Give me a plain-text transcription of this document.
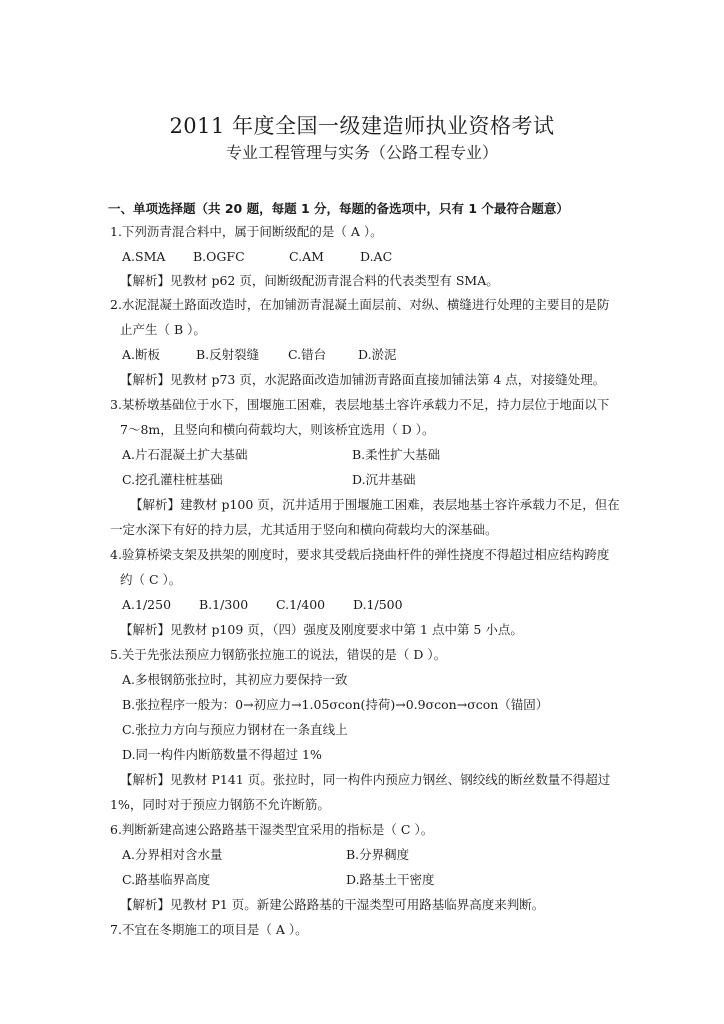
2011 年度全国一级建造师执业资格考试
专业工程管理与实务（公路工程专业）
一、单项选择题（共 20 题，每题 1 分，每题的备选项中，只有 1 个最符合题意）
1.下列沥青混合料中，属于间断级配的是（ A ）。
A.SMA B.OGFC	C.AM	D.AC
【解析】见教材 p62 页，间断级配沥青混合料的代表类型有 SMA。
2.水泥混凝土路面改造时，在加铺沥青混凝土面层前、对纵、横缝进行处理的主要目的是防
止产生（ B ）。
A.断板	B.反射裂缝 C.错台	D.淤泥
【解析】见教材 p73 页，水泥路面改造加铺沥青路面直接加铺法第 4 点，对接缝处理。
3.某桥墩基础位于水下，围堰施工困难，表层地基土容许承载力不足，持力层位于地面以下
7～8m，且竖向和横向荷载均大，则该桥宜选用（ D ）。
A.片石混凝土扩大基础	B.柔性扩大基础
C.挖孔灌柱桩基础	D.沉井基础
【解析】建教材 p100 页，沉井适用于围堰施工困难，表层地基土容许承载力不足，但在
一定水深下有好的持力层，尤其适用于竖向和横向荷载均大的深基础。
4.验算桥梁支架及拱架的刚度时，要求其受载后挠曲杆件的弹性挠度不得超过相应结构跨度
约（ C ）。
A.1/250 B.1/300 C.1/400 D.1/500
【解析】见教材 p109 页，（四）强度及刚度要求中第 1 点中第 5 小点。
5.关于先张法预应力钢筋张拉施工的说法，错误的是（ D ）。
A.多根钢筋张拉时，其初应力要保持一致
B.张拉程序一般为：0→初应力→1.05σcon(持荷)→0.9σcon→σcon（锚固）
C.张拉力方向与预应力钢材在一条直线上
D.同一构件内断筋数量不得超过 1%
【解析】见教材 P141 页。张拉时，同一构件内预应力钢丝、钢绞线的断丝数量不得超过
1%，同时对于预应力钢筋不允许断筋。
6.判断新建高速公路路基干湿类型宜采用的指标是（ C ）。
A.分界相对含水量	B.分界稠度
C.路基临界高度	D.路基土干密度
【解析】见教材 P1 页。新建公路路基的干湿类型可用路基临界高度来判断。
7.不宜在冬期施工的项目是（ A ）。
